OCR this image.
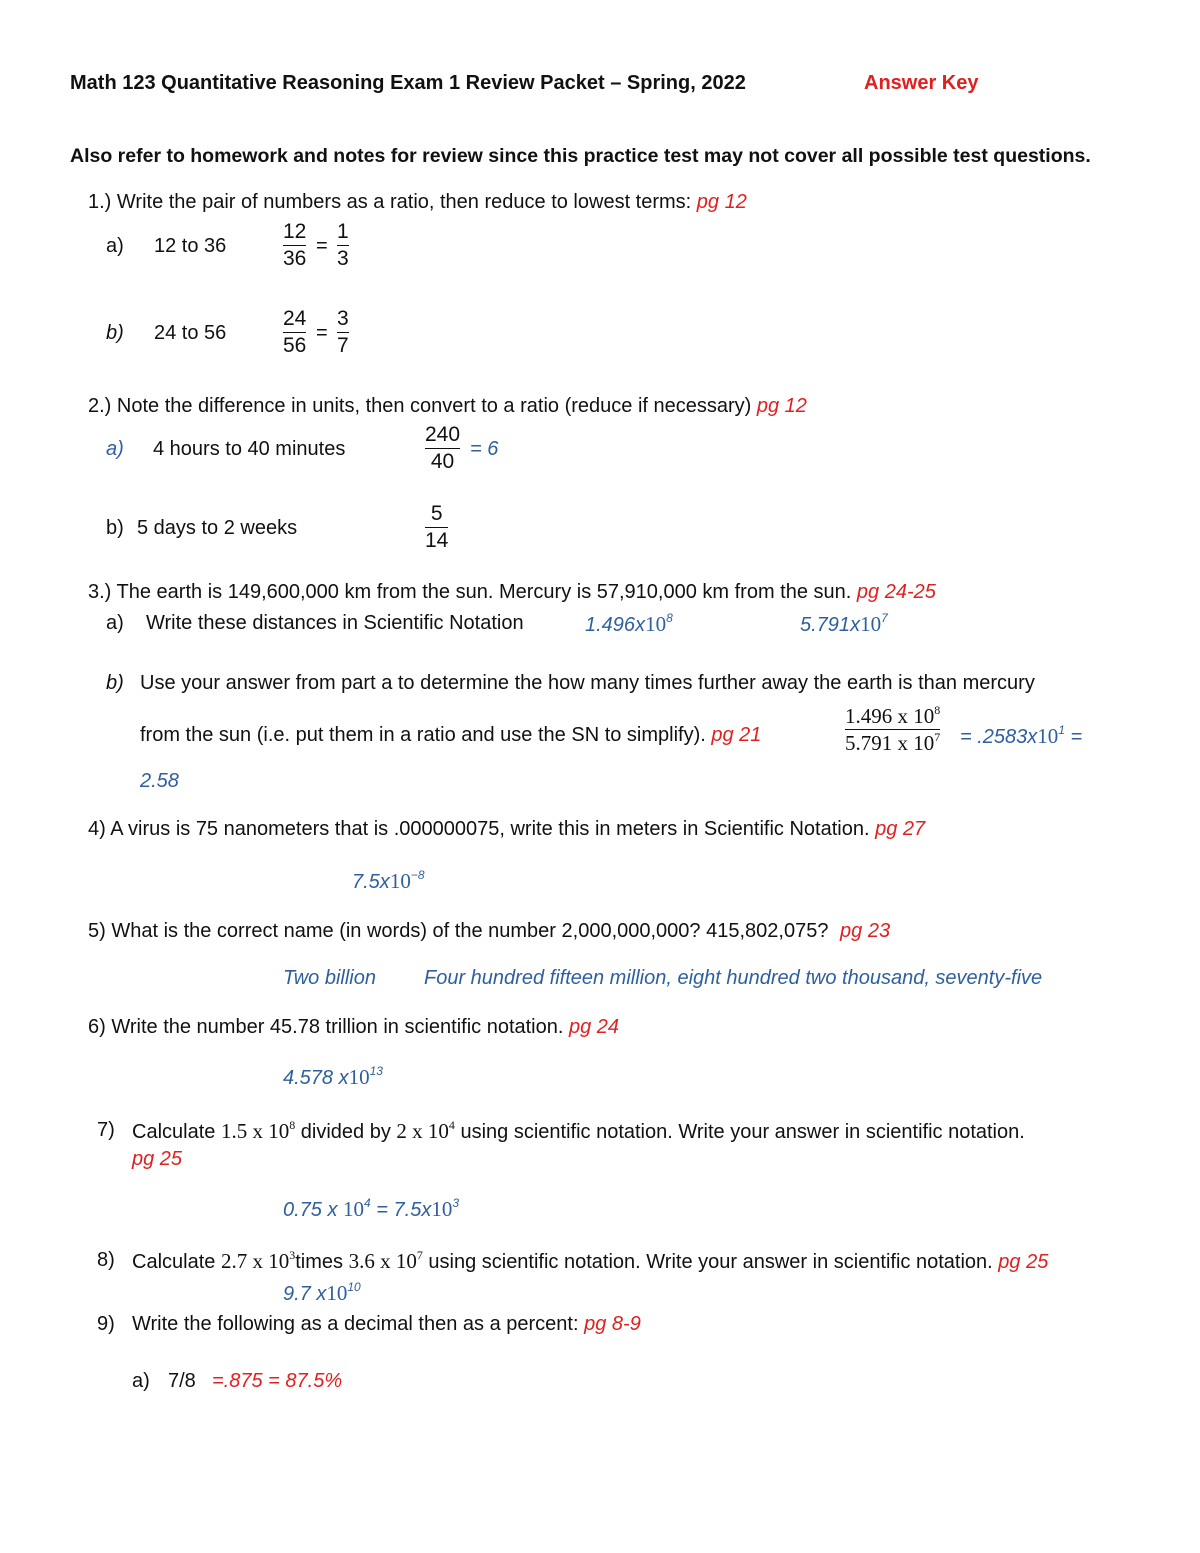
Math 123 Quantitative Reasoning Exam 1 Review Packet – Spring, 2022	Answer Key
Also refer to homework and notes for review since this practice test may not cover all possible test questions.
1.) Write the pair of numbers as a ratio, then reduce to lowest terms: pg 12
a) 12 to 36
12
36
=
1
3
b) 24 to 56
24
56
=
3
7
2.) Note the difference in units, then convert to a ratio (reduce if necessary) pg 12
a) 4 hours to 40 minutes
240
40
= 6
b) 5 days to 2 weeks
5
14
3.) The earth is 149,600,000 km from the sun. Mercury is 57,910,000 km from the sun. pg 24-25
a) Write these distances in Scientific Notation	$1.496x10^8$	$5.791x10^7$
b) Use your answer from part a to determine the how many times further away the earth is than mercury
from the sun (i.e. put them in a ratio and use the SN to simplify). pg 21
1.496 x $10^8$
5.791 x $10^7 = .2583x10^1$ =
2.58
4) A virus is 75 nanometers that is .000000075, write this in meters in Scientific Notation. pg 27
$7.5x10^{-8}$
5) What is the correct name (in words) of the number 2,000,000,000? 415,802,075? pg 23
Two billion Four hundred fifteen million, eight hundred two thousand, seventy-five
6) Write the number 45.78 trillion in scientific notation. pg 24
4.578 $x10^{13}$
7) Calculate 1.5 x $10^8$ divided by 2 x $10^4$ using scientific notation. Write your answer in scientific notation.
pg 25
0.75 x $10^4 = 7.5x10^3$
8) Calculate 2.7 x $10^3times$ 3.6 x $10^7$ using scientific notation. Write your answer in scientific notation. pg 25
9.7 $x10^{10}$
9) Write the following as a decimal then as a percent: pg 8-9
a) 7/8 =.875 = 87.5%
